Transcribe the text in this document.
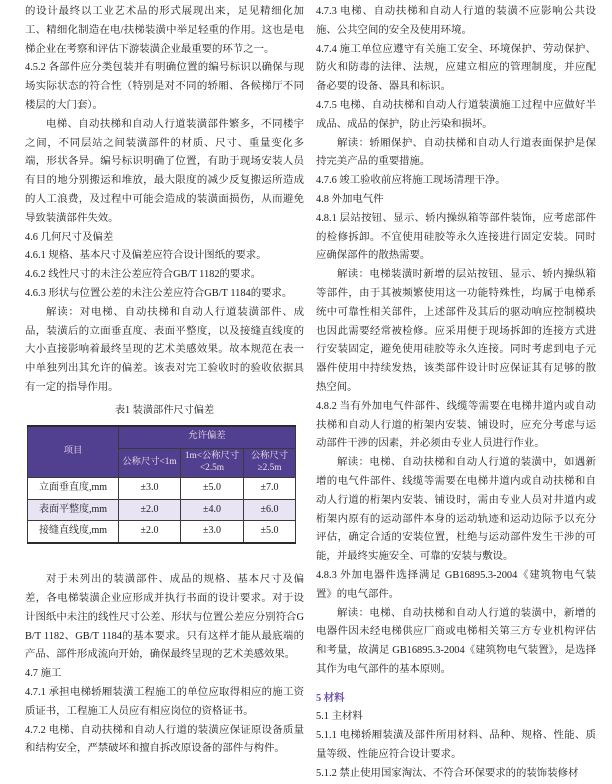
的设计最终以工业艺术品的形式展现出来，足见精细化加工、精细化制造在电/扶梯装潢中举足轻重的作用。这也是电梯企业在考察和评估下游装潢企业最重要的环节之一。

4.5.2 各部件应分类包装并有明确位置的编号标识以确保与现场实际状态的符合性（特别是对不同的轿厢、各候梯厅不同楼层的大门套）。

电梯、自动扶梯和自动人行道装潢部件繁多，不同楼宇之间，不同层站之间装潢部件的材质、尺寸、重量变化多端，形状各异。编号标识明确了位置，有助于现场安装人员有目的地分别搬运和堆放，最大限度的减少反复搬运所造成的人工浪费，及过程中可能会造成的装潢面损伤，从而避免导致装潢部件失效。

4.6 几何尺寸及偏差

4.6.1 规格、基本尺寸及偏差应符合设计图纸的要求。

4.6.2 线性尺寸的未注公差应符合GB/T 1182的要求。

4.6.3 形状与位置公差的未注公差应符合GB/T 1184的要求。

解读：对电梯、自动扶梯和自动人行道装潢部件、成品，装潢后的立面垂直度、表面平整度，以及接缝直线度的大小直接影响着最终呈现的艺术美感效果。故本规范在表一中单独列出其允许的偏差。该表对完工验收时的验收依据具有一定的指导作用。

表1 装潢部件尺寸偏差

项目	允许偏差		
	公称尺寸<1m	1m<公称尺寸<2.5m	公称尺寸≥2.5m
立面垂直度,mm	±3.0	±5.0	±7.0
表面平整度,mm	±2.0	±4.0	±6.0
接缝直线度,mm	±2.0	±3.0	±5.0

对于未列出的装潢部件、成品的规格、基本尺寸及偏差，各电梯装潢企业应形成并执行书面的设计要求。对于设计图纸中未注的线性尺寸公差、形状与位置公差应分别符合GB/T 1182、GB/T 1184的基本要求。只有这样才能从最底端的产品、部件形成流向开始，确保最终呈现的艺术美感效果。

4.7 施工

4.7.1 承担电梯轿厢装潢工程施工的单位应取得相应的施工资质证书，工程施工人员应有相应岗位的资格证书。

4.7.2 电梯、自动扶梯和自动人行道的装潢应保证原设备质量和结构安全，严禁破坏和擅自拆改原设备的部件与构件。

4.7.3 电梯、自动扶梯和自动人行道的装潢不应影响公共设施、公共空间的安全及使用环境。

4.7.4 施工单位应遵守有关施工安全、环境保护、劳动保护、防火和防毒的法律、法规，应建立相应的管理制度，并应配备必要的设备、器具和标识。

4.7.5 电梯、自动扶梯和自动人行道装潢施工过程中应做好半成品、成品的保护，防止污染和损坏。

解读：轿厢保护、自动扶梯和自动人行道表面保护是保持完美产品的重要措施。

4.7.6 竣工验收前应将施工现场清理干净。

4.8 外加电气件

4.8.1 层站按钮、显示、轿内操纵箱等部件装饰，应考虑部件的检修拆卸。不宜使用硅胶等永久连接进行固定安装。同时应确保部件的散热需要。

解读：电梯装潢时新增的层站按钮、显示、轿内操纵箱等部件，由于其被频繁使用这一功能特殊性，均属于电梯系统中可靠性相关部件，上述部件及其后的驱动响应控制模块也因此需要经常被检修。应采用便于现场拆卸的连接方式进行安装固定，避免使用硅胶等永久连接。同时考虑到电子元器件使用中持续发热，该类部件设计时应保证其有足够的散热空间。

4.8.2 当有外加电气件部件、线缆等需要在电梯井道内或自动扶梯和自动人行道的桁架内安装、铺设时，应充分考虑与运动部件干涉的因素，并必须由专业人员进行作业。

解读：电梯、自动扶梯和自动人行道的装潢中，如遇新增的电气件部件、线缆等需要在电梯井道内或自动扶梯和自动人行道的桁架内安装、铺设时，需由专业人员对井道内或桁架内原有的运动部件本身的运动轨迹和运动边际予以充分评估，确定合适的安装位置，杜绝与运动部件发生干涉的可能，并最终实施安全、可靠的安装与敷设。

4.8.3 外加电器件选择满足 GB16895.3-2004《建筑物电气装置》的电气部件。

解读：电梯、自动扶梯和自动人行道的装潢中，新增的电器件因未经电梯供应厂商或电梯相关第三方专业机构评估和考量，故满足 GB16895.3-2004《建筑物电气装置》，是选择其作为电气部件的基本原则。

5 材料

5.1 主材料

5.1.1 电梯轿厢装潢及部件所用材料、品种、规格、性能、质量等级、性能应符合设计要求。

5.1.2 禁止使用国家淘汰、不符合环保要求的的装饰装修材
